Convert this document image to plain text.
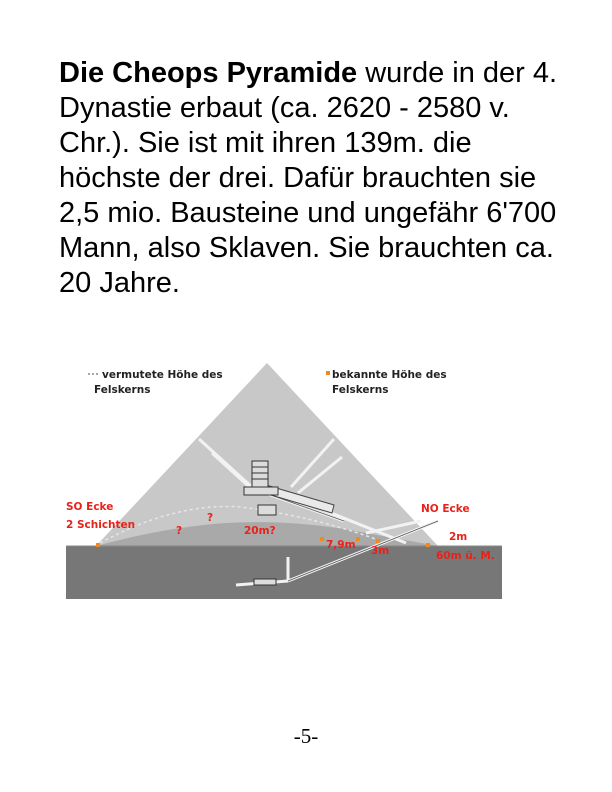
Die Cheops Pyramide wurde in der 4. Dynastie erbaut (ca. 2620 - 2580 v. Chr.). Sie ist mit ihren 139m. die höchste der drei. Dafür brauchten sie 2,5 mio. Bausteine und ungefähr 6'700 Mann, also Sklaven. Sie brauchten ca. 20 Jahre.

vermutete Höhe des
Felskerns
bekannte Höhe des
Felskerns
SO Ecke
2 Schichten
?
?	20m?
7,9m 3m
NO Ecke
2m
60m ü. M.
-5-
